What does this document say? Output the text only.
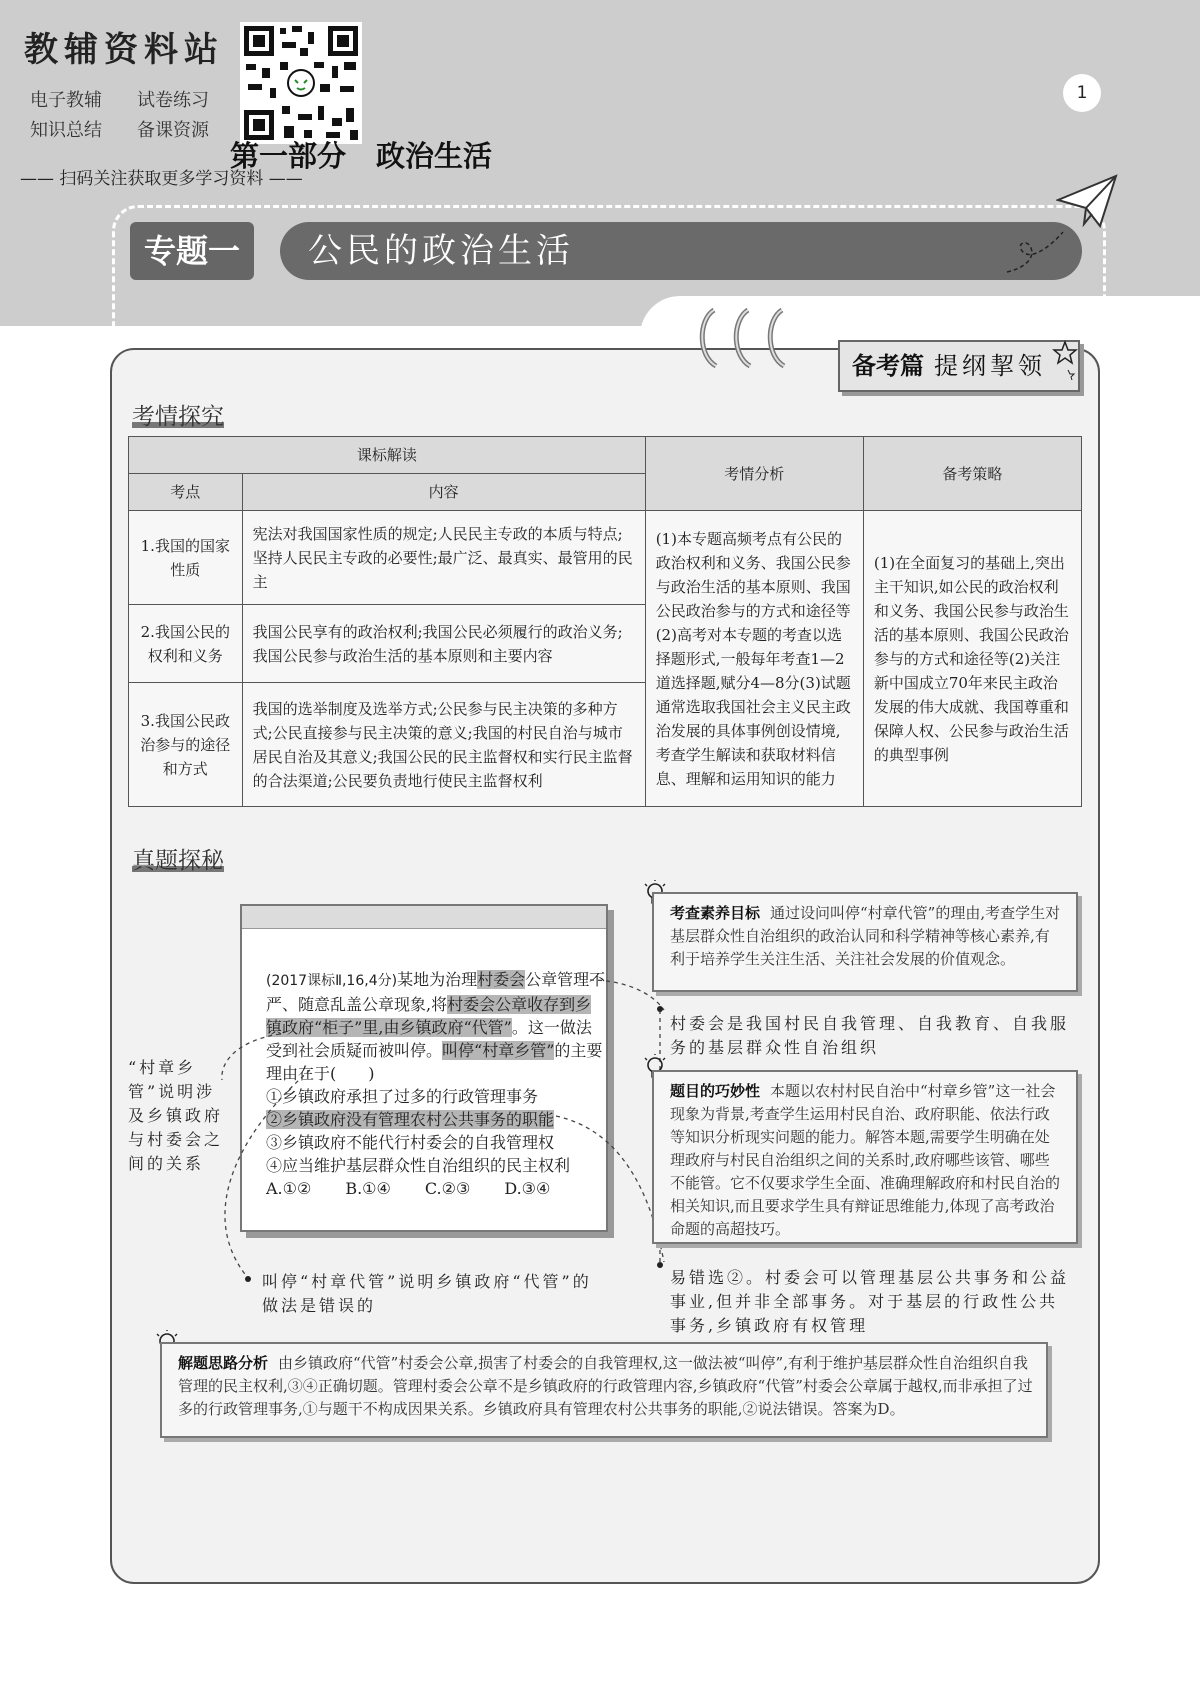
教辅资料站
电子教辅 试卷练习
知识总结 备课资源
—— 扫码关注获取更多学习资料 ——
1
第一部分 政治生活
专题一	公民的政治生活
备考篇 提纲挈领
考情探究
课标解读		考情分析	备考策略
考点	内容		
1.我国的国家性质	宪法对我国国家性质的规定;人民民主专政的本质与特点;坚持人民民主专政的必要性;最广泛、最真实、最管用的民主	(1)本专题高频考点有公民的政治权利和义务、我国公民参与政治生活的基本原则、我国公民政治参与的方式和途径等(2)高考对本专题的考查以选择题形式,一般每年考查1—2道选择题,赋分4—8分(3)试题通常选取我国社会主义民主政治发展的具体事例创设情境,考查学生解读和获取材料信息、理解和运用知识的能力	(1)在全面复习的基础上,突出主干知识,如公民的政治权利和义务、我国公民参与政治生活的基本原则、我国公民政治参与的方式和途径等(2)关注新中国成立70年来民主政治发展的伟大成就、我国尊重和保障人权、公民参与政治生活的典型事例
2.我国公民的权利和义务	我国公民享有的政治权利;我国公民必须履行的政治义务;我国公民参与政治生活的基本原则和主要内容		
3.我国公民政治参与的途径和方式	我国的选举制度及选举方式;公民参与民主决策的多种方式;公民直接参与民主决策的意义;我国的村民自治与城市居民自治及其意义;我国公民的民主监督权和实行民主监督的合法渠道;公民要负责地行使民主监督权利		
真题探秘
(2017课标Ⅱ,16,4分)某地为治理村委会公章管理不严、随意乱盖公章现象,将村委会公章收存到乡镇政府“柜子”里,由乡镇政府“代管”。这一做法受到社会质疑而被叫停。叫停“村章乡管”的主要理由在于(　　)
①乡镇政府承担了过多的行政管理事务
②乡镇政府没有管理农村公共事务的职能
③乡镇政府不能代行村委会的自我管理权
④应当维护基层群众性自治组织的民主权利

A.①② B.①④ C.②③ D.③④
考查素养目标 通过设问叫停“村章代管”的理由,考查学生对基层群众性自治组织的政治认同和科学精神等核心素养,有利于培养学生关注生活、关注社会发展的价值观念。
村委会是我国村民自我管理、自我教育、自我服务的基层群众性自治组织
题目的巧妙性 本题以农村村民自治中“村章乡管”这一社会现象为背景,考查学生运用村民自治、政府职能、依法行政等知识分析现实问题的能力。解答本题,需要学生明确在处理政府与村民自治组织之间的关系时,政府哪些该管、哪些不能管。它不仅要求学生全面、准确理解政府和村民自治的相关知识,而且要求学生具有辩证思维能力,体现了高考政治命题的高超技巧。
易错选②。村委会可以管理基层公共事务和公益事业,但并非全部事务。对于基层的行政性公共事务,乡镇政府有权管理
“村章乡管”说明涉及乡镇政府与村委会之间的关系
叫停“村章代管”说明乡镇政府“代管”的做法是错误的
解题思路分析 由乡镇政府“代管”村委会公章,损害了村委会的自我管理权,这一做法被“叫停”,有利于维护基层群众性自治组织自我管理的民主权利,③④正确切题。管理村委会公章不是乡镇政府的行政管理内容,乡镇政府“代管”村委会公章属于越权,而非承担了过多的行政管理事务,①与题干不构成因果关系。乡镇政府具有管理农村公共事务的职能,②说法错误。答案为D。
